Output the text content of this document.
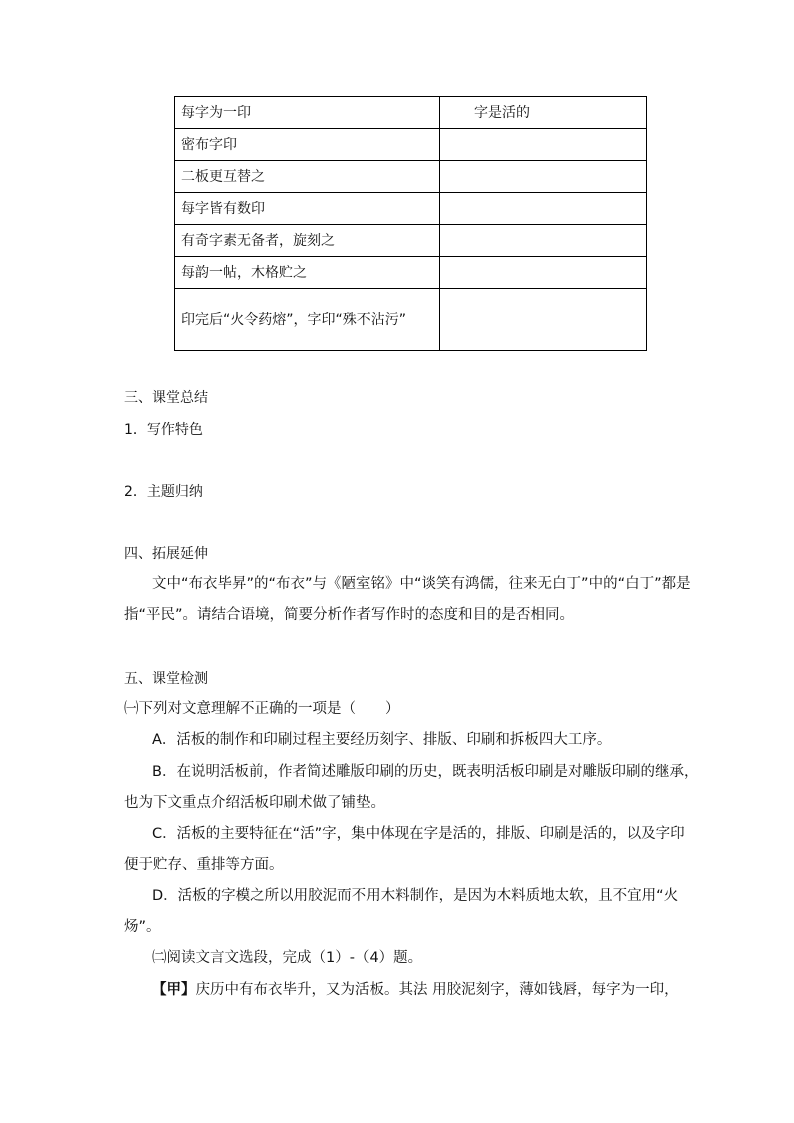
每字为一印	字是活的
密布字印	
二板更互替之	
每字皆有数印	
有奇字素无备者，旋刻之	
每韵一帖，木格贮之	
印完后“火令药熔”，字印“殊不沾污”	
三、课堂总结
1．写作特色
2．主题归纳
四、拓展延伸
文中“布衣毕昇”的“布衣”与《陋室铭》中“谈笑有鸿儒，往来无白丁”中的“白丁”都是指“平民”。请结合语境，简要分析作者写作时的态度和目的是否相同。
五、课堂检测
㈠下列对文意理解不正确的一项是（　　）
A．活板的制作和印刷过程主要经历刻字、排版、印刷和拆板四大工序。
B．在说明活板前，作者简述雕版印刷的历史，既表明活板印刷是对雕版印刷的继承，也为下文重点介绍活板印刷术做了铺垫。
C．活板的主要特征在“活”字，集中体现在字是活的，排版、印刷是活的，以及字印便于贮存、重排等方面。
D．活板的字模之所以用胶泥而不用木料制作，是因为木料质地太软，且不宜用“火炀”。
㈡阅读文言文选段，完成（1）-（4）题。
【甲】庆历中有布衣毕升，又为活板。其法 用胶泥刻字，薄如钱唇，每字为一印，
